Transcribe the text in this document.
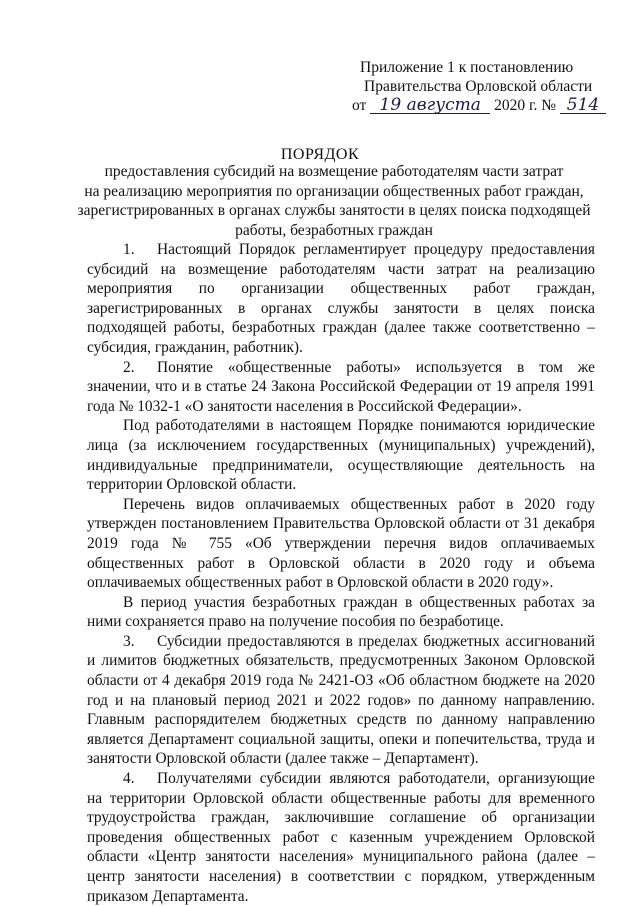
Приложение 1 к постановлению
Правительства Орловской области
от 19 августа 2020 г. № 514
ПОРЯДОК
предоставления субсидий на возмещение работодателям части затрат
на реализацию мероприятия по организации общественных работ граждан,
зарегистрированных в органах службы занятости в целях поиска подходящей
работы, безработных граждан

1. Настоящий Порядок регламентирует процедуру предоставления субсидий на возмещение работодателям части затрат на реализацию мероприятия по организации общественных работ граждан, зарегистрированных в органах службы занятости в целях поиска подходящей работы, безработных граждан (далее также соответственно – субсидия, гражданин, работник).

2. Понятие «общественные работы» используется в том же значении, что и в статье 24 Закона Российской Федерации от 19 апреля 1991 года № 1032-1 «О занятости населения в Российской Федерации».

Под работодателями в настоящем Порядке понимаются юридические лица (за исключением государственных (муниципальных) учреждений), индивидуальные предприниматели, осуществляющие деятельность на территории Орловской области.

Перечень видов оплачиваемых общественных работ в 2020 году утвержден постановлением Правительства Орловской области от 31 декабря 2019 года № 755 «Об утверждении перечня видов оплачиваемых общественных работ в Орловской области в 2020 году и объема оплачиваемых общественных работ в Орловской области в 2020 году».

В период участия безработных граждан в общественных работах за ними сохраняется право на получение пособия по безработице.

3. Субсидии предоставляются в пределах бюджетных ассигнований и лимитов бюджетных обязательств, предусмотренных Законом Орловской области от 4 декабря 2019 года № 2421-ОЗ «Об областном бюджете на 2020 год и на плановый период 2021 и 2022 годов» по данному направлению. Главным распорядителем бюджетных средств по данному направлению является Департамент социальной защиты, опеки и попечительства, труда и занятости Орловской области (далее также – Департамент).

4. Получателями субсидии являются работодатели, организующие на территории Орловской области общественные работы для временного трудоустройства граждан, заключившие соглашение об организации проведения общественных работ с казенным учреждением Орловской области «Центр занятости населения» муниципального района (далее – центр занятости населения) в соответствии с порядком, утвержденным приказом Департамента.
